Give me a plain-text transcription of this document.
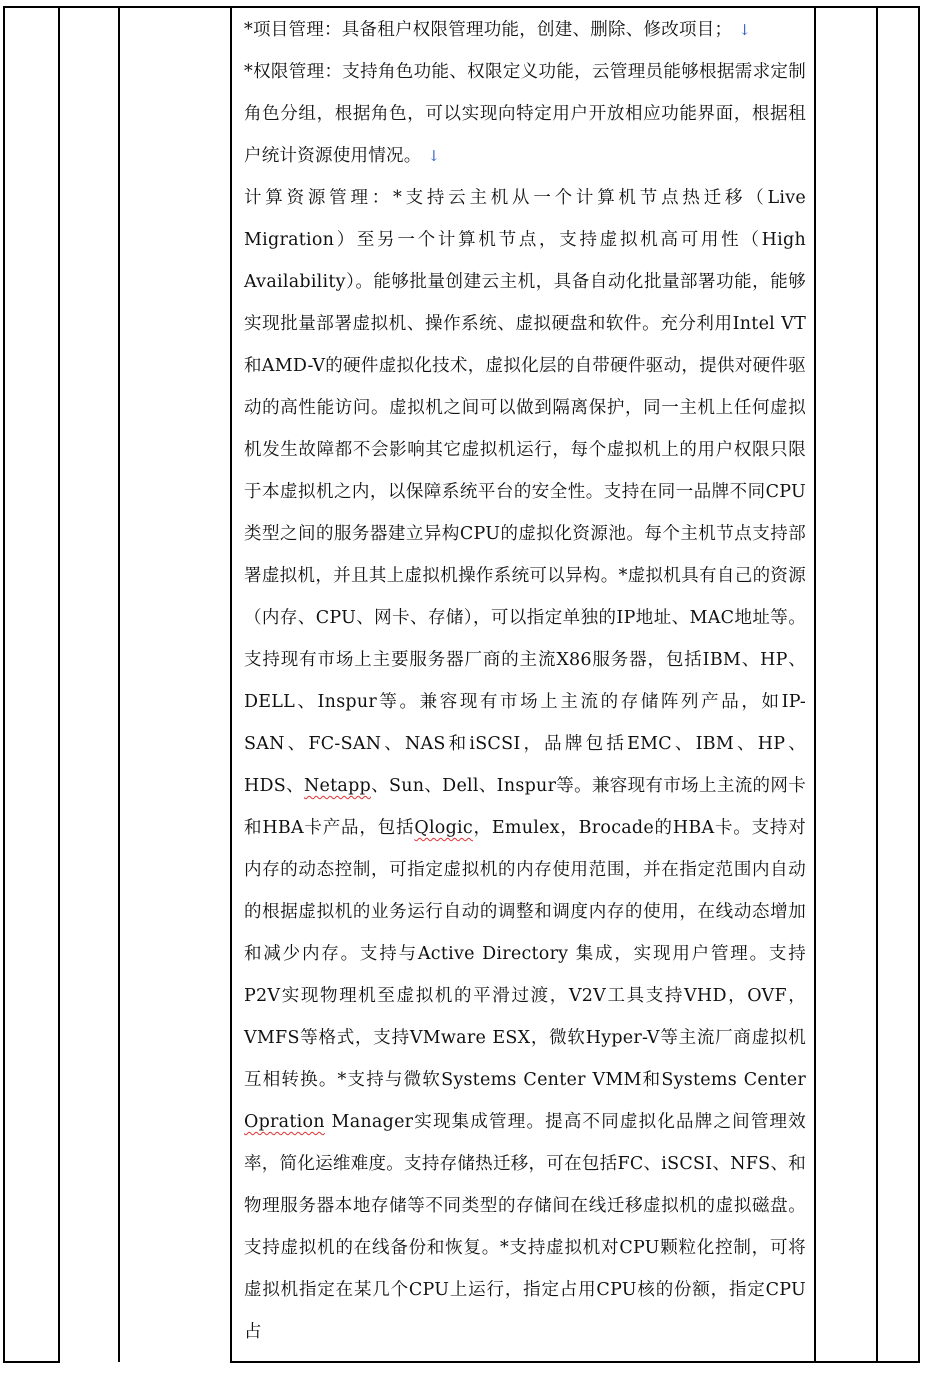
*项目管理：具备租户权限管理功能，创建、删除、修改项目； ↓

*权限管理：支持角色功能、权限定义功能，云管理员能够根据需求定制角色分组，根据角色，可以实现向特定用户开放相应功能界面，根据租户统计资源使用情况。 ↓

计算资源管理：*支持云主机从一个计算机节点热迁移（Live Migration）至另一个计算机节点，支持虚拟机高可用性（High Availability）。能够批量创建云主机，具备自动化批量部署功能，能够实现批量部署虚拟机、操作系统、虚拟硬盘和软件。充分利用Intel VT和AMD-V的硬件虚拟化技术，虚拟化层的自带硬件驱动，提供对硬件驱动的高性能访问。虚拟机之间可以做到隔离保护，同一主机上任何虚拟机发生故障都不会影响其它虚拟机运行，每个虚拟机上的用户权限只限于本虚拟机之内，以保障系统平台的安全性。支持在同一品牌不同CPU类型之间的服务器建立异构CPU的虚拟化资源池。每个主机节点支持部署虚拟机，并且其上虚拟机操作系统可以异构。*虚拟机具有自己的资源（内存、CPU、网卡、存储），可以指定单独的IP地址、MAC地址等。支持现有市场上主要服务器厂商的主流X86服务器，包括IBM、HP、DELL、Inspur等。兼容现有市场上主流的存储阵列产品，如IP-SAN、FC-SAN、NAS和iSCSI，品牌包括EMC、IBM、HP、HDS、Netapp、Sun、Dell、Inspur等。兼容现有市场上主流的网卡和HBA卡产品，包括Qlogic，Emulex，Brocade的HBA卡。支持对内存的动态控制，可指定虚拟机的内存使用范围，并在指定范围内自动的根据虚拟机的业务运行自动的调整和调度内存的使用，在线动态增加和减少内存。支持与Active Directory 集成，实现用户管理。支持P2V实现物理机至虚拟机的平滑过渡，V2V工具支持VHD，OVF，VMFS等格式，支持VMware ESX，微软Hyper-V等主流厂商虚拟机互相转换。*支持与微软Systems Center VMM和Systems Center Opration Manager实现集成管理。提高不同虚拟化品牌之间管理效率，简化运维难度。支持存储热迁移，可在包括FC、iSCSI、NFS、和物理服务器本地存储等不同类型的存储间在线迁移虚拟机的虚拟磁盘。支持虚拟机的在线备份和恢复。*支持虚拟机对CPU颗粒化控制，可将虚拟机指定在某几个CPU上运行，指定占用CPU核的份额，指定CPU占
